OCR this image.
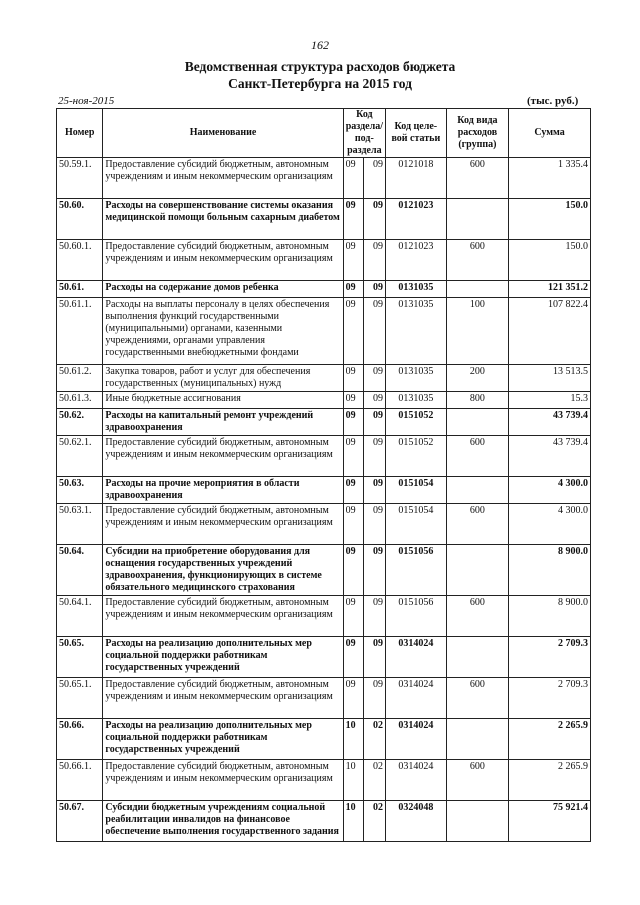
162
Ведомственная структура расходов бюджета
Санкт-Петербурга на 2015 год
25-ноя-2015	(тыс. руб.)
Номер	Наименование	Код раздела/ под-раздела		Код целе-вой статьи	Код вида расходов (группа)	Сумма
50.59.1.	Предоставление субсидий бюджетным, автономным учреждениям и иным некоммерческим организациям	09	09	0121018	600	1 335.4
50.60.	Расходы на совершенствование системы оказания медицинской помощи больным сахарным диабетом	09	09	0121023		150.0
50.60.1.	Предоставление субсидий бюджетным, автономным учреждениям и иным некоммерческим организациям	09	09	0121023	600	150.0
50.61.	Расходы на содержание домов ребенка	09	09	0131035		121 351.2
50.61.1.	Расходы на выплаты персоналу в целях обеспечения выполнения функций государственными (муниципальными) органами, казенными учреждениями, органами управления государственными внебюджетными фондами	09	09	0131035	100	107 822.4
50.61.2.	Закупка товаров, работ и услуг для обеспечения государственных (муниципальных) нужд	09	09	0131035	200	13 513.5
50.61.3.	Иные бюджетные ассигнования	09	09	0131035	800	15.3
50.62.	Расходы на капитальный ремонт учреждений здравоохранения	09	09	0151052		43 739.4
50.62.1.	Предоставление субсидий бюджетным, автономным учреждениям и иным некоммерческим организациям	09	09	0151052	600	43 739.4
50.63.	Расходы на прочие мероприятия в области здравоохранения	09	09	0151054		4 300.0
50.63.1.	Предоставление субсидий бюджетным, автономным учреждениям и иным некоммерческим организациям	09	09	0151054	600	4 300.0
50.64.	Субсидии на приобретение оборудования для оснащения государственных учреждений здравоохранения, функционирующих в системе обязательного медицинского страхования	09	09	0151056		8 900.0
50.64.1.	Предоставление субсидий бюджетным, автономным учреждениям и иным некоммерческим организациям	09	09	0151056	600	8 900.0
50.65.	Расходы на реализацию дополнительных мер социальной поддержки работникам государственных учреждений	09	09	0314024		2 709.3
50.65.1.	Предоставление субсидий бюджетным, автономным учреждениям и иным некоммерческим организациям	09	09	0314024	600	2 709.3
50.66.	Расходы на реализацию дополнительных мер социальной поддержки работникам государственных учреждений	10	02	0314024		2 265.9
50.66.1.	Предоставление субсидий бюджетным, автономным учреждениям и иным некоммерческим организациям	10	02	0314024	600	2 265.9
50.67.	Субсидии бюджетным учреждениям социальной реабилитации инвалидов на финансовое обеспечение выполнения государственного задания	10	02	0324048		75 921.4
